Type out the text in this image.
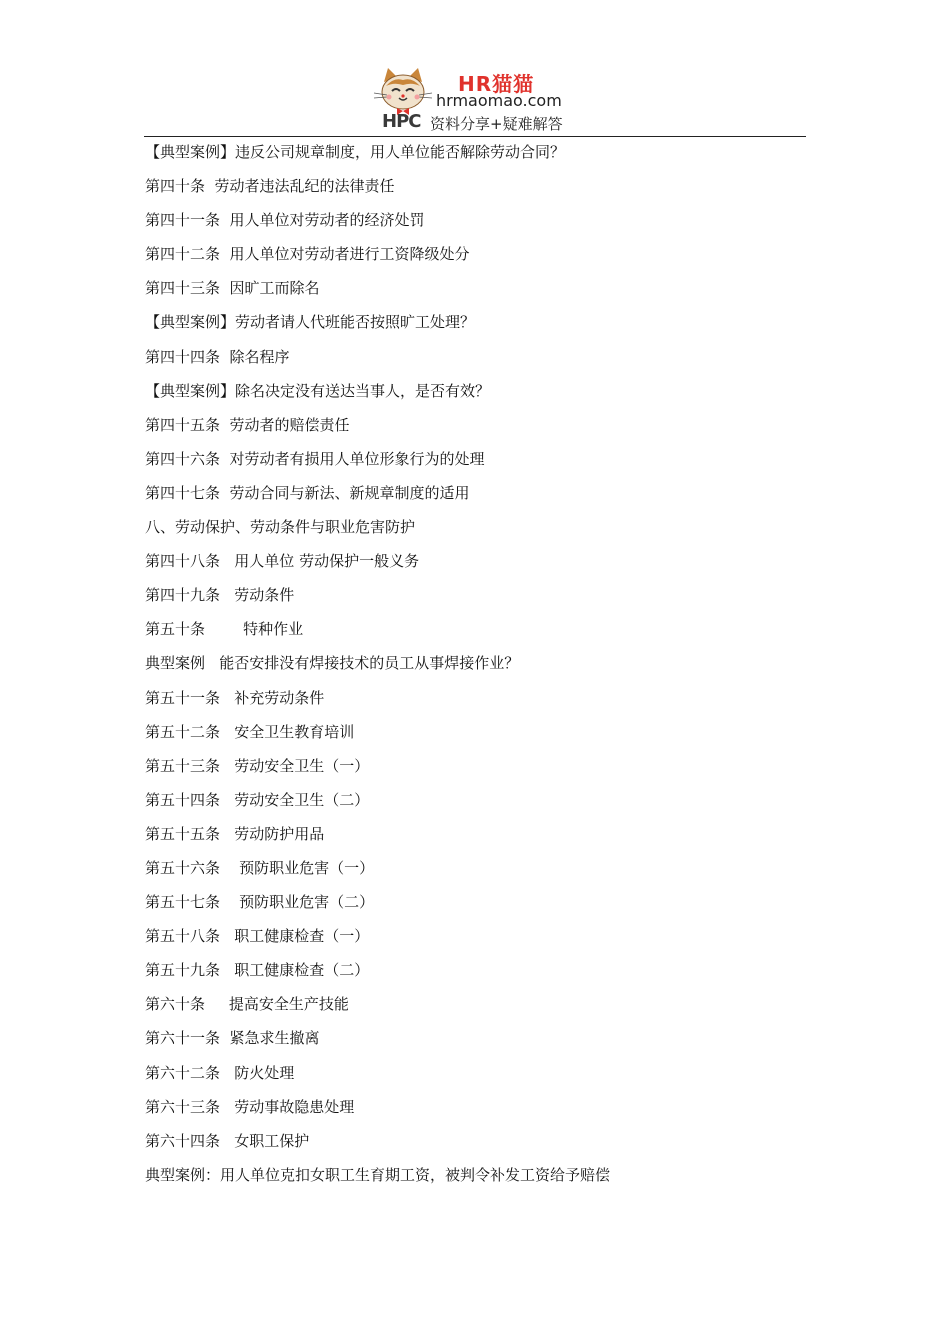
HPC
HR猫猫
hrmaomao.com
资料分享+疑难解答
【典型案例】违反公司规章制度，用人单位能否解除劳动合同？
第四十条  劳动者违法乱纪的法律责任
第四十一条  用人单位对劳动者的经济处罚
第四十二条  用人单位对劳动者进行工资降级处分
第四十三条  因旷工而除名
【典型案例】劳动者请人代班能否按照旷工处理？
第四十四条  除名程序
【典型案例】除名决定没有送达当事人，是否有效？
第四十五条  劳动者的赔偿责任
第四十六条  对劳动者有损用人单位形象行为的处理
第四十七条  劳动合同与新法、新规章制度的适用
八、劳动保护、劳动条件与职业危害防护
第四十八条   用人单位 劳动保护一般义务
第四十九条   劳动条件
第五十条        特种作业
典型案例   能否安排没有焊接技术的员工从事焊接作业？
第五十一条   补充劳动条件
第五十二条   安全卫生教育培训
第五十三条   劳动安全卫生（一）
第五十四条   劳动安全卫生（二）
第五十五条   劳动防护用品
第五十六条    预防职业危害（一）
第五十七条    预防职业危害（二）
第五十八条   职工健康检查（一）
第五十九条   职工健康检查（二）
第六十条     提高安全生产技能
第六十一条  紧急求生撤离
第六十二条   防火处理
第六十三条   劳动事故隐患处理
第六十四条   女职工保护
典型案例：用人单位克扣女职工生育期工资，被判令补发工资给予赔偿
